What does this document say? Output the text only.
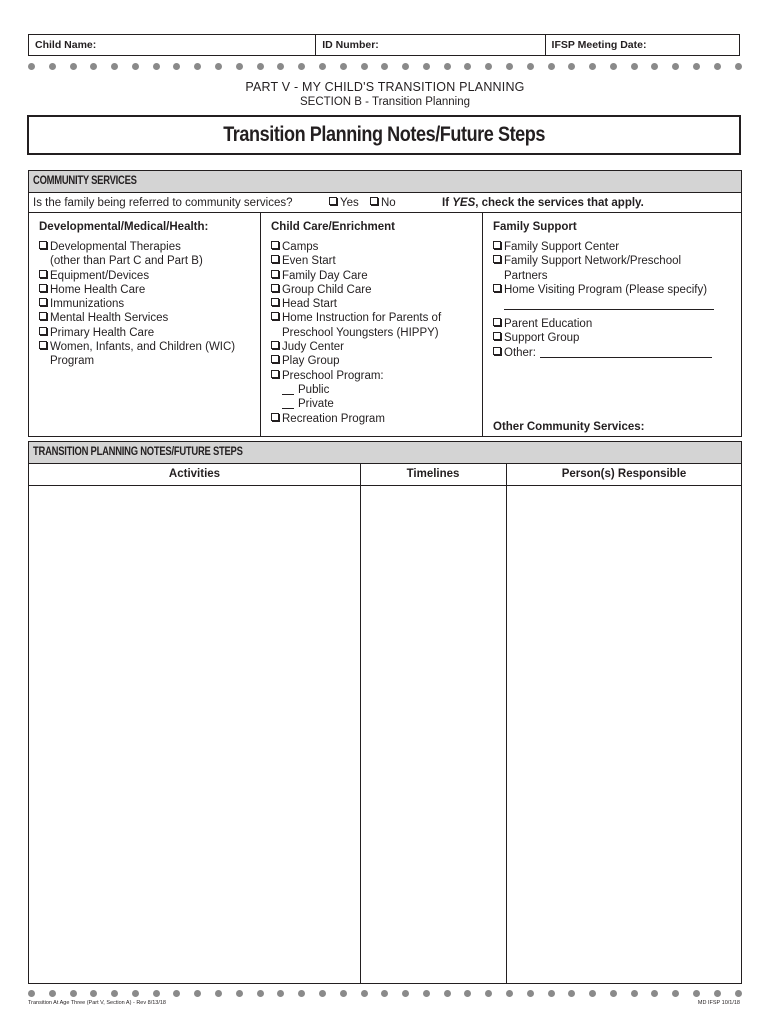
Child Name:	ID Number:	IFSP Meeting Date:
PART V - MY CHILD'S TRANSITION PLANNING
SECTION B - Transition Planning
Transition Planning Notes/Future Steps
COMMUNITY SERVICES
Is the family being referred to community services?	Yes	No	If YES, check the services that apply.
Developmental/Medical/Health:
Developmental Therapies
(other than Part C and Part B)
Equipment/Devices
Home Health Care
Immunizations
Mental Health Services
Primary Health Care
Women, Infants, and Children (WIC)
Program
Child Care/Enrichment
Camps
Even Start
Family Day Care
Group Child Care
Head Start
Home Instruction for Parents of
Preschool Youngsters (HIPPY)
Judy Center
Play Group
Preschool Program:
Public
Private
Recreation Program
Family Support
Family Support Center
Family Support Network/Preschool
Partners
Home Visiting Program (Please specify)
Parent Education
Support Group
Other:
Other Community Services:
TRANSITION PLANNING NOTES/FUTURE STEPS
Activities	Timelines	Person(s) Responsible
Transition At Age Three (Part V, Section A) - Rev 8/13/18	MD IFSP 10/1/18
